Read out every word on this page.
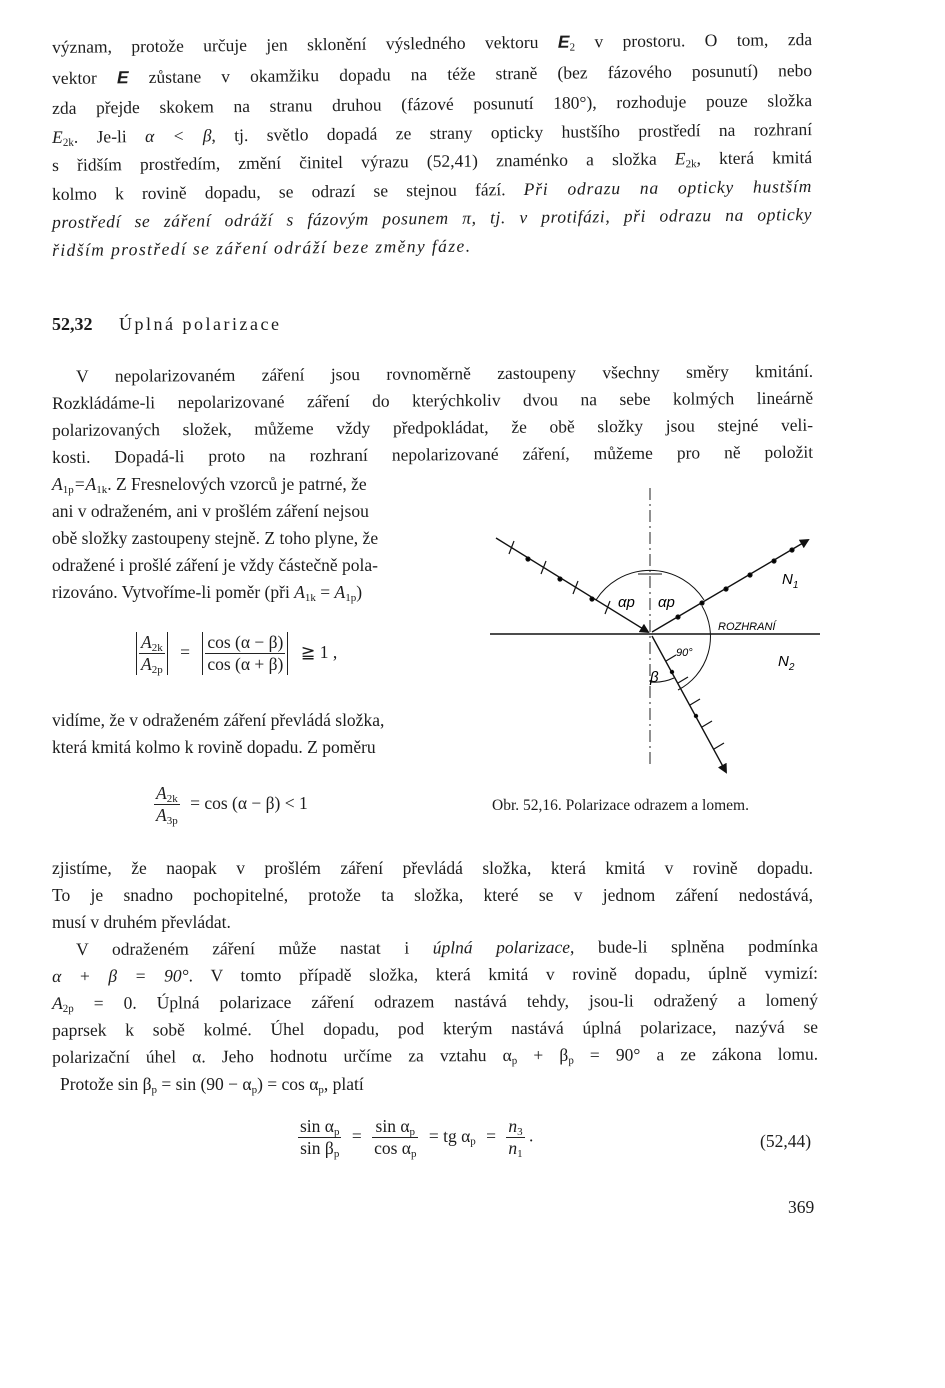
význam, protože určuje jen sklonění výsledného vektoru $E_2$ v prostoru. O tom, zda
vektor E zůstane v okamžiku dopadu na téže straně (bez fázového posunutí) nebo
zda přejde skokem na stranu druhou (fázové posunutí 180°), rozhoduje pouze složka
$E_{2k}$. Je-li α < β, tj. světlo dopadá ze strany opticky hustšího prostředí na rozhraní
s řidším prostředím, změní činitel výrazu (52,41) znaménko a složka $E_{2k}$, která kmitá
kolmo k rovině dopadu, se odrazí se stejnou fází. Při odrazu na opticky hustším
prostředí se záření odráží s fázovým posunem π, tj. v protifázi, při odrazu na opticky
řidším prostředí se záření odráží beze změny fáze.
52,32 Úplná polarizace
V nepolarizovaném záření jsou rovnoměrně zastoupeny všechny směry kmitání.
Rozkládáme-li nepolarizované záření do kterýchkoliv dvou na sebe kolmých lineárně
polarizovaných složek, můžeme vždy předpokládat, že obě složky jsou stejné veli-
kosti. Dopadá-li proto na rozhraní nepolarizované záření, můžeme pro ně položit
$A_{1p}=A_{1k}$. Z Fresnelových vzorců je patrné, že
ani v odraženém, ani v prošlém záření nejsou
obě složky zastoupeny stejně. Z toho plyne, že
odražené i prošlé záření je vždy částečně pola-
rizováno. Vytvoříme-li poměr (při $A_{1k} = A_{1p}$)
$\frac{A_{2k}}{A_{2p}} = \frac{\cos (\alpha - \beta)}{\cos (\alpha + \beta)}$ ≧ 1 ,
vidíme, že v odraženém záření převládá složka,
která kmitá kolmo k rovině dopadu. Z poměru
$\frac{A_{2k}}{A_{3p}} = \cos (\alpha - \beta) < 1$
αp αp
90°
β
ROZHRANÍ
$N_1$
$N_2$
Obr. 52,16. Polarizace odrazem a lomem.
zjistíme, že naopak v prošlém záření převládá složka, která kmitá v rovině dopadu.
To je snadno pochopitelné, protože ta složka, které se v jednom záření nedostává,
musí v druhém převládat.
V odraženém záření může nastat i úplná polarizace, bude-li splněna podmínka
α + β = 90°. V tomto případě složka, která kmitá v rovině dopadu, úplně vymizí:
$A_{2p} = 0$. Úplná polarizace záření odrazem nastává tehdy, jsou-li odražený a lomený
paprsek k sobě kolmé. Úhel dopadu, pod kterým nastává úplná polarizace, nazývá se
polarizační úhel α. Jeho hodnotu určíme za vztahu $\alpha_p + \beta_p = 90^\circ$ a ze zákona lomu.
Protože $\sin \beta_p = \sin (90 - \alpha_p) = \cos \alpha_p$, platí
$\frac{\sin \alpha_p}{\sin \beta_p} = \frac{\sin \alpha_p}{\cos \alpha_p}$ = tg $\alpha_p = \frac{n_3}{n_1}$ .	(52,44)
369
